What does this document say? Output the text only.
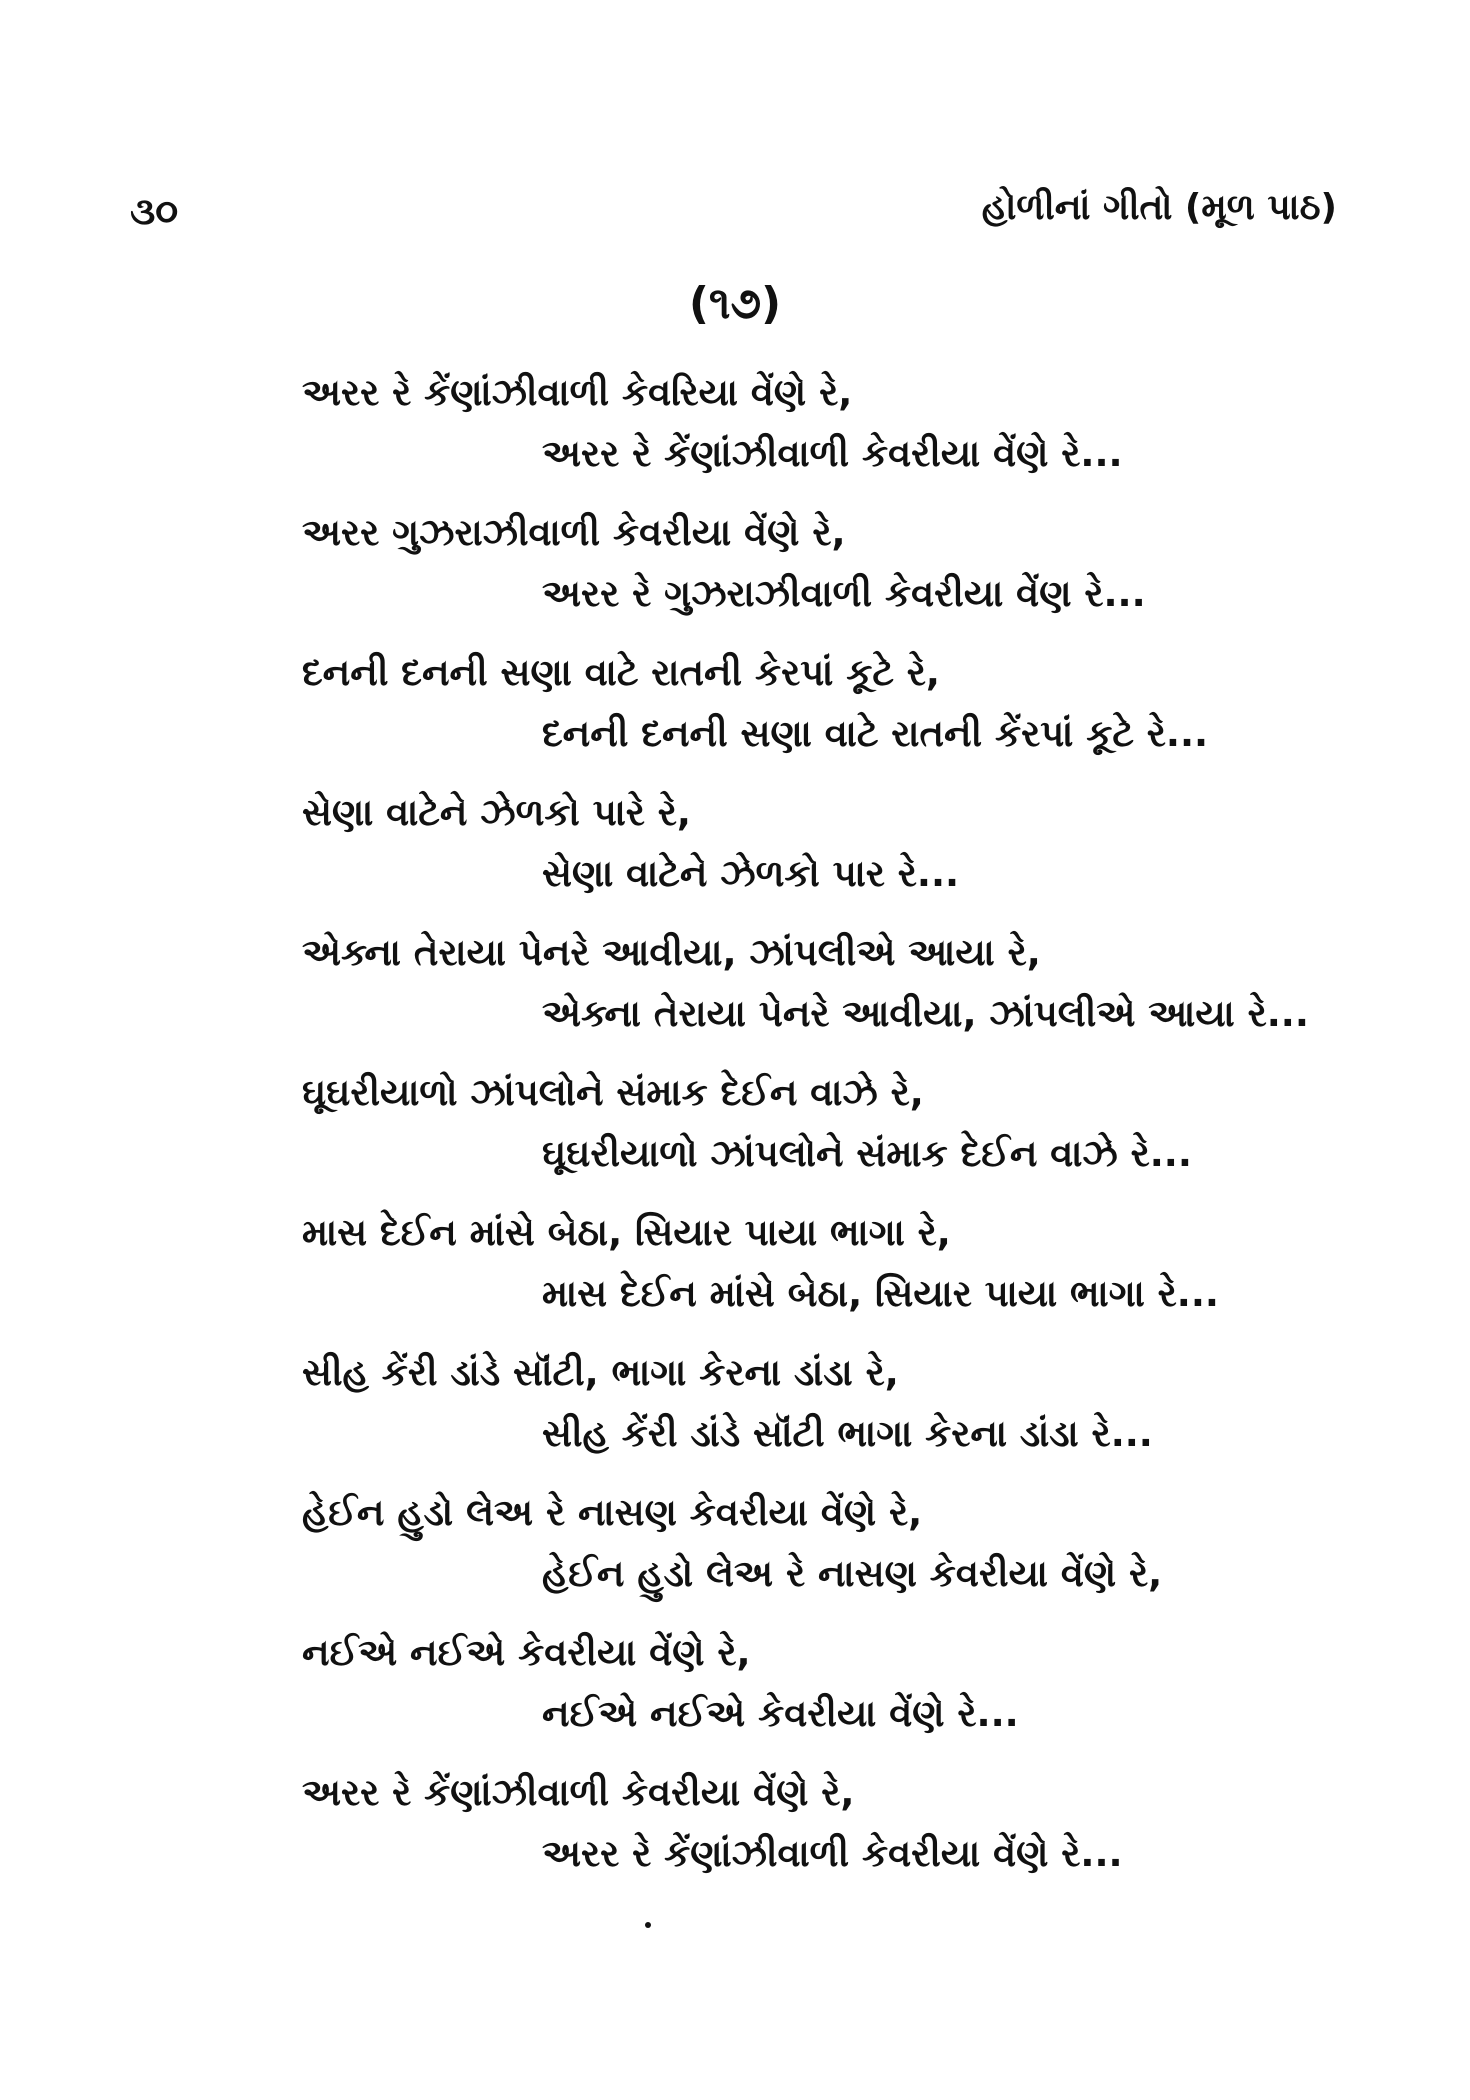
૩૦	હોળીનાં ગીતો (મૂળ પાઠ)
(૧૭)
અરર રે કેંણાંઝીવાળી કેવરિયા વેંણે રે,
અરર રે કેંણાંઝીવાળી કેવરીયા વેંણે રે...
અરર ગુઝરાઝીવાળી કેવરીયા વેંણે રે,
અરર રે ગુઝરાઝીવાળી કેવરીયા વેંણ રે...
દનની દનની સણા વાટે રાતની કેરપાં કૂટે રે,
દનની દનની સણા વાટે રાતની કેંરપાં કૂટે રે...
સેણા વાટેને ઝેળકો પારે રે,
સેણા વાટેને ઝેળકો પાર રે...
એક્ના તેરાયા પેનરે આવીયા, ઝાંપલીએ આયા રે,
એક્ના તેરાયા પેનરે આવીયા, ઝાંપલીએ આયા રે...
ઘૂઘરીયાળો ઝાંપલોને સંમાક દેઈન વાઝે રે,
ઘૂઘરીયાળો ઝાંપલોને સંમાક દેઈન વાઝે રે...
માસ દેઈન માંસે બેઠા, સિયાર પાયા ભાગા રે,
માસ દેઈન માંસે બેઠા, સિયાર પાયા ભાગા રે...
સીહ કેંરી ડાંડે સૉંટી, ભાગા કેરના ડાંડા રે,
સીહ કેંરી ડાંડે સૉંટી ભાગા કેરના ડાંડા રે...
હેઈન હુડો લેઅ રે નાસણ કેવરીયા વેંણે રે,
હેઈન હુડો લેઅ રે નાસણ કેવરીયા વેંણે રે,
નઈએ નઈએ કેવરીયા વેંણે રે,
નઈએ નઈએ કેવરીયા વેંણે રે...
અરર રે કેંણાંઝીવાળી કેવરીયા વેંણે રે,
અરર રે કેંણાંઝીવાળી કેવરીયા વેંણે રે...
